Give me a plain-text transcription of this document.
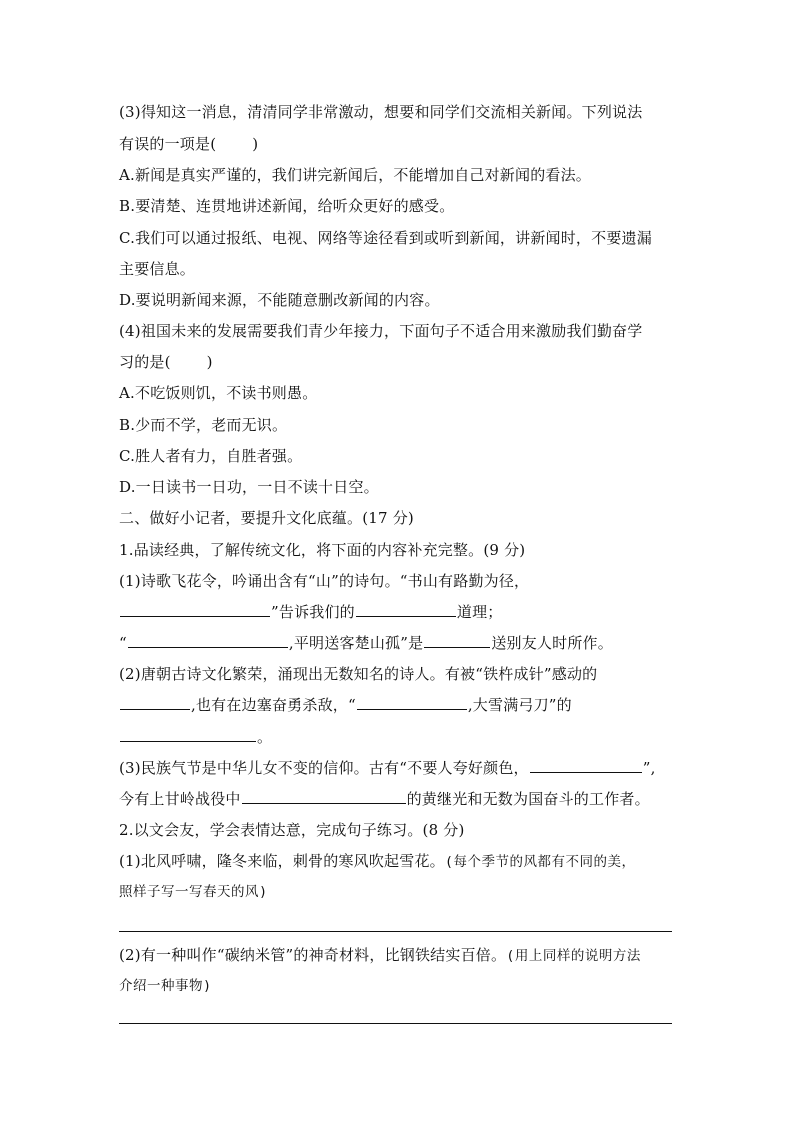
(3)得知这一消息，清清同学非常激动，想要和同学们交流相关新闻。下列说法
有误的一项是( )
A.新闻是真实严谨的，我们讲完新闻后，不能增加自己对新闻的看法。
B.要清楚、连贯地讲述新闻，给听众更好的感受。
C.我们可以通过报纸、电视、网络等途径看到或听到新闻，讲新闻时，不要遗漏
主要信息。
D.要说明新闻来源，不能随意删改新闻的内容。
(4)祖国未来的发展需要我们青少年接力，下面句子不适合用来激励我们勤奋学
习的是( )
A.不吃饭则饥，不读书则愚。
B.少而不学，老而无识。
C.胜人者有力，自胜者强。
D.一日读书一日功，一日不读十日空。
二、做好小记者，要提升文化底蕴。(17 分)
1.品读经典，了解传统文化，将下面的内容补充完整。(9 分)
(1)诗歌飞花令，吟诵出含有“山”的诗句。“书山有路勤为径，
”告诉我们的	道理；
“	,平明送客楚山孤”是	送别友人时所作。
(2)唐朝古诗文化繁荣，涌现出无数知名的诗人。有被“铁杵成针”感动的
,也有在边塞奋勇杀敌，“	,大雪满弓刀”的
。
(3)民族气节是中华儿女不变的信仰。古有“不要人夸好颜色，	”,
今有上甘岭战役中	的黄继光和无数为国奋斗的工作者。
2.以文会友，学会表情达意，完成句子练习。(8 分)
(1)北风呼啸，隆冬来临，刺骨的寒风吹起雪花。(每个季节的风都有不同的美，
照样子写一写春天的风)
(2)有一种叫作“碳纳米管”的神奇材料，比钢铁结实百倍。(用上同样的说明方法
介绍一种事物)
